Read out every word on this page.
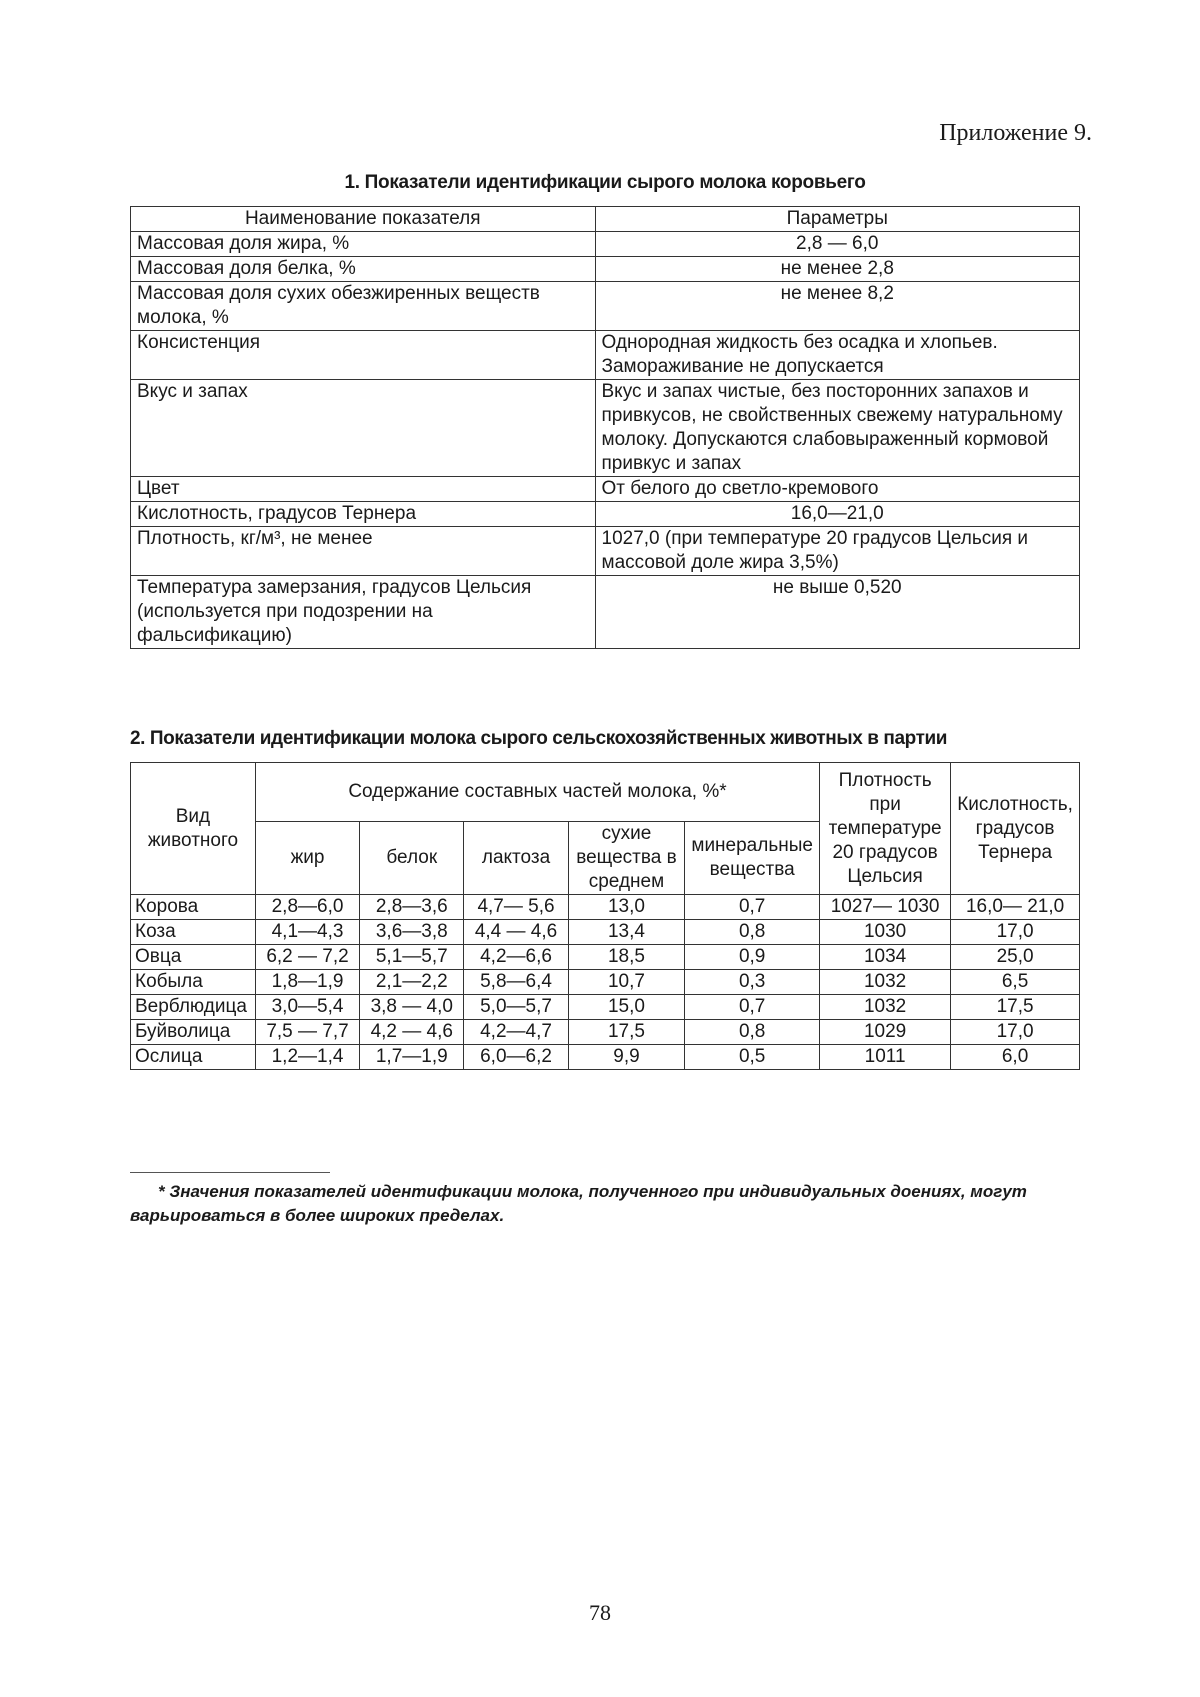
Приложение 9.
1. Показатели идентификации сырого молока коровьего
Наименование показателя	Параметры
Массовая доля жира, %	2,8 — 6,0
Массовая доля белка, %	не менее 2,8
Массовая доля сухих обезжиренных веществ молока, %	не менее 8,2
Консистенция	Однородная жидкость без осадка и хлопьев. Замораживание не допускается
Вкус и запах	Вкус и запах чистые, без посторонних запахов и привкусов, не свойственных свежему натуральному молоку. Допускаются слабовыраженный кормовой привкус и запах
Цвет	От белого до светло-кремового
Кислотность, градусов Тернера	16,0—21,0
Плотность, кг/м³, не менее	1027,0 (при температуре 20 градусов Цельсия и массовой доле жира 3,5%)
Температура замерзания, градусов Цельсия (используется при подозрении на фальсификацию)	не выше 0,520
2. Показатели идентификации молока сырого сельскохозяйственных животных в партии
Вид животного	Содержание составных частей молока, %*					Плотность при температуре 20 градусов Цельсия	Кислотность, градусов Тернера
	жир	белок	лактоза	сухие вещества в среднем	минеральные вещества		
Корова	2,8—6,0	2,8—3,6	4,7— 5,6	13,0	0,7	1027— 1030	16,0— 21,0
Коза	4,1—4,3	3,6—3,8	4,4 — 4,6	13,4	0,8	1030	17,0
Овца	6,2 — 7,2	5,1—5,7	4,2—6,6	18,5	0,9	1034	25,0
Кобыла	1,8—1,9	2,1—2,2	5,8—6,4	10,7	0,3	1032	6,5
Верблюдица	3,0—5,4	3,8 — 4,0	5,0—5,7	15,0	0,7	1032	17,5
Буйволица	7,5 — 7,7	4,2 — 4,6	4,2—4,7	17,5	0,8	1029	17,0
Ослица	1,2—1,4	1,7—1,9	6,0—6,2	9,9	0,5	1011	6,0
* Значения показателей идентификации молока, полученного при индивидуальных доениях, могут варьироваться в более широких пределах.
78
